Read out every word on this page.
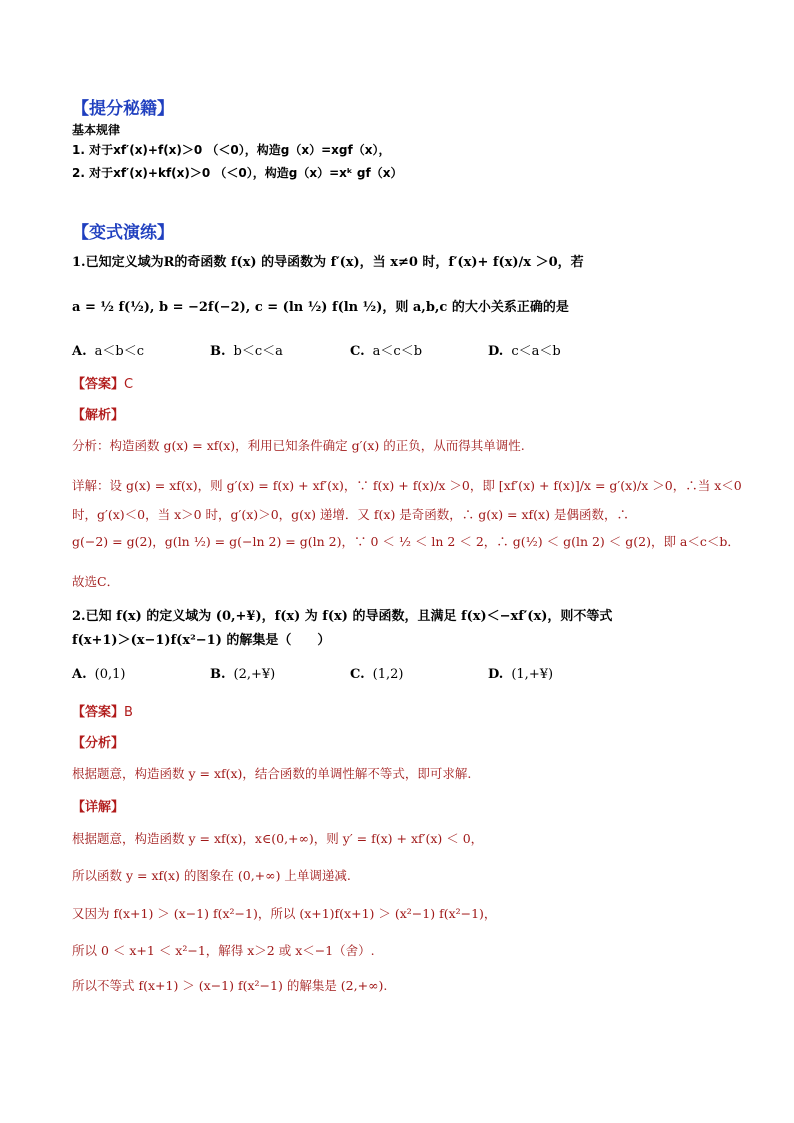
【提分秘籍】
基本规律
1. 对于xf′(x)+f(x)＞0 （＜0），构造g（x）=xgf（x），
2. 对于xf′(x)+kf(x)＞0 （＜0），构造g（x）=xᵏ gf（x）
【变式演练】
1.已知定义域为R的奇函数 f(x) 的导函数为 f′(x)，当 x≠0 时，f′(x)+ f(x)/x ＞0，若
a = ½ f(½), b = −2f(−2), c = (ln ½) f(ln ½)，则 a,b,c 的大小关系正确的是
A. a＜b＜c	B. b＜c＜a	C. a＜c＜b	D. c＜a＜b
【答案】C
【解析】
分析：构造函数 g(x) = xf(x)，利用已知条件确定 g′(x) 的正负，从而得其单调性.
详解：设 g(x) = xf(x)，则 g′(x) = f(x) + xf′(x)，∵ f(x) + f(x)/x ＞0，即 [xf′(x) + f(x)]/x = g′(x)/x ＞0，∴当 x＜0
时，g′(x)＜0，当 x＞0 时，g′(x)＞0，g(x) 递增．又 f(x) 是奇函数，∴ g(x) = xf(x) 是偶函数，∴
g(−2) = g(2)，g(ln ½) = g(−ln 2) = g(ln 2)，∵ 0 ＜ ½ ＜ ln 2 ＜ 2，∴ g(½) ＜ g(ln 2) ＜ g(2)，即 a＜c＜b．
故选C．
2.已知 f(x) 的定义域为 (0,+¥)，f(x) 为 f(x) 的导函数，且满足 f(x)＜−xf′(x)，则不等式
f(x+1)＞(x−1)f(x²−1) 的解集是（　　）
A. (0,1)	B. (2,+¥)	C. (1,2)	D. (1,+¥)
【答案】B
【分析】
根据题意，构造函数 y = xf(x)，结合函数的单调性解不等式，即可求解.
【详解】
根据题意，构造函数 y = xf(x)，x∈(0,+∞)，则 y′ = f(x) + xf′(x) ＜ 0，
所以函数 y = xf(x) 的图象在 (0,+∞) 上单调递减.
又因为 f(x+1) ＞ (x−1) f(x²−1)，所以 (x+1)f(x+1) ＞ (x²−1) f(x²−1)，
所以 0 ＜ x+1 ＜ x²−1，解得 x＞2 或 x＜−1（舍）.
所以不等式 f(x+1) ＞ (x−1) f(x²−1) 的解集是 (2,+∞).
